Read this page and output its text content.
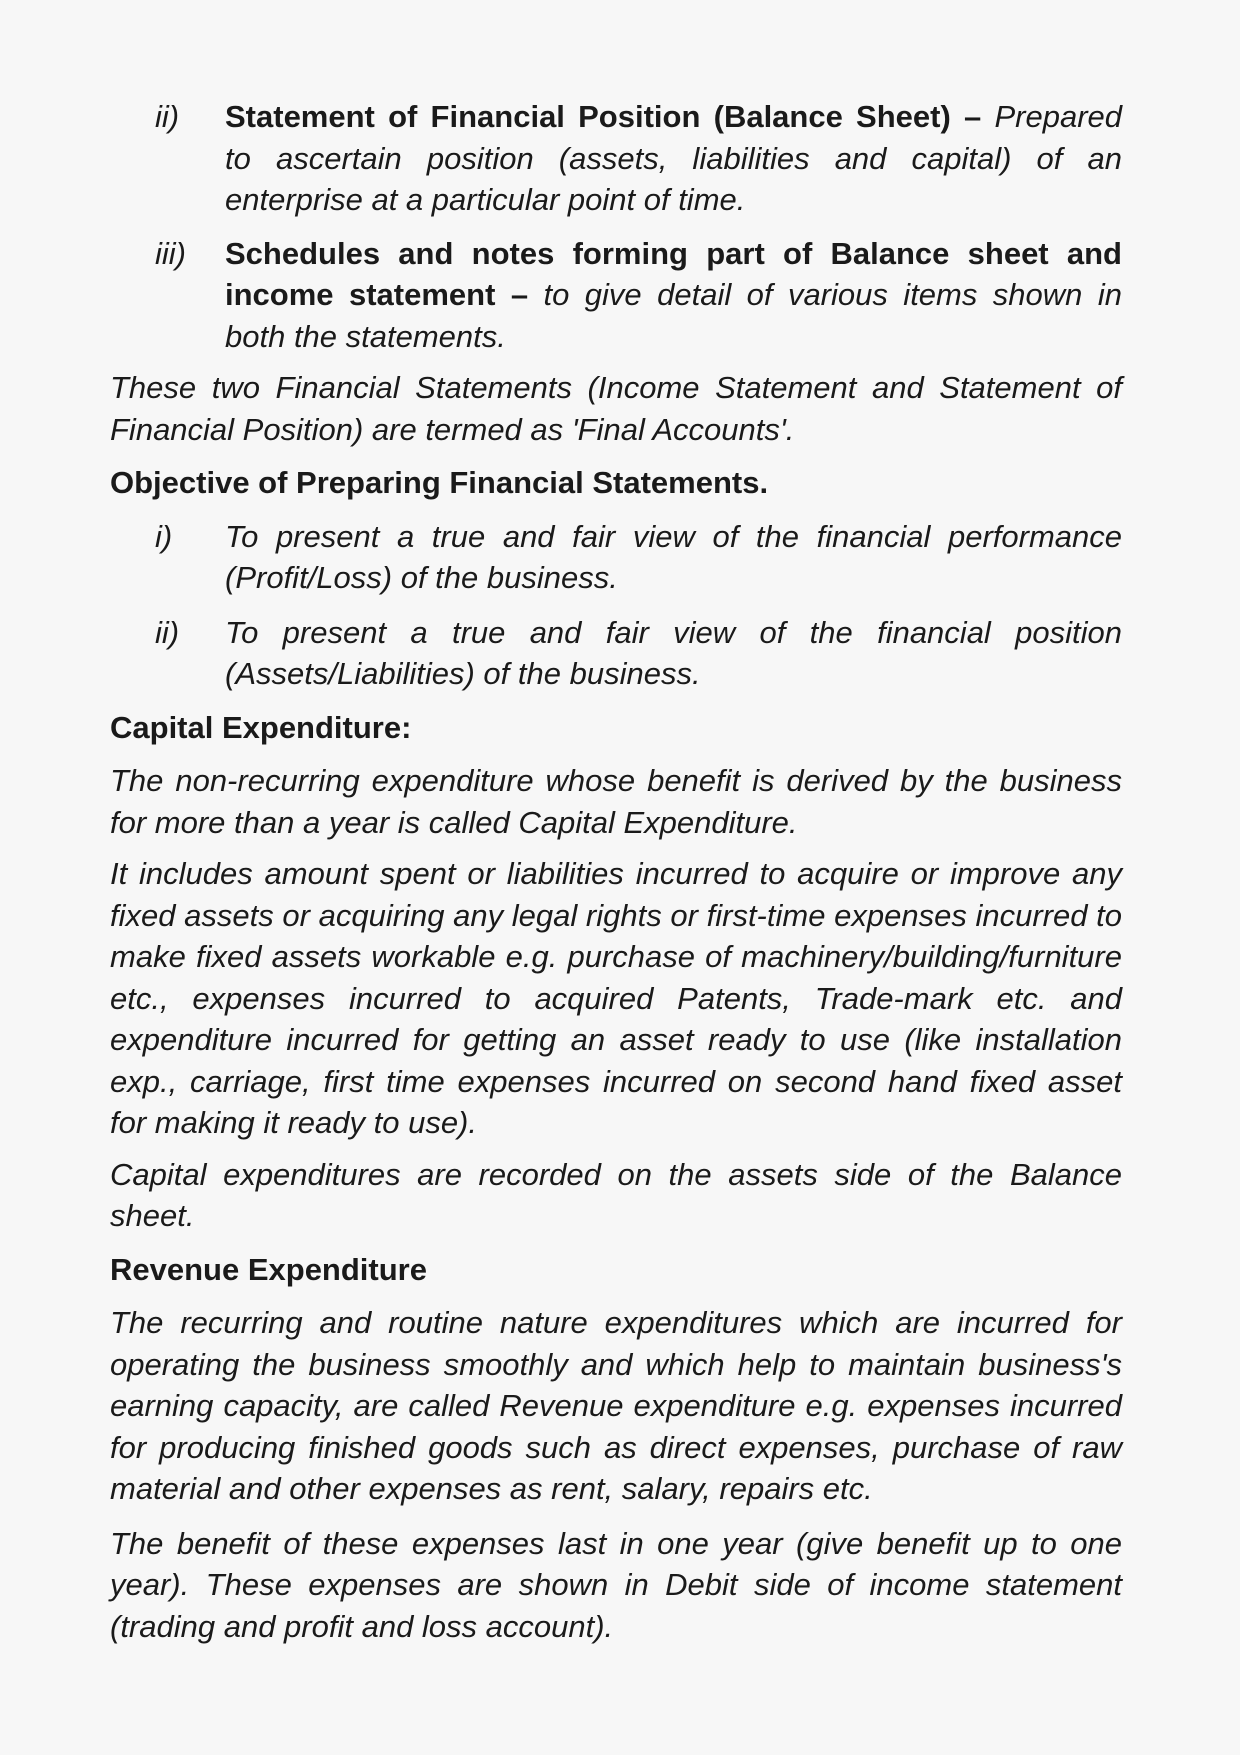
ii) Statement of Financial Position (Balance Sheet) – Prepared to ascertain position (assets, liabilities and capital) of an enterprise at a particular point of time.
iii) Schedules and notes forming part of Balance sheet and income statement – to give detail of various items shown in both the statements.
These two Financial Statements (Income Statement and Statement of Financial Position) are termed as 'Final Accounts'.
Objective of Preparing Financial Statements.
i) To present a true and fair view of the financial performance (Profit/Loss) of the business.
ii) To present a true and fair view of the financial position (Assets/Liabilities) of the business.
Capital Expenditure:
The non-recurring expenditure whose benefit is derived by the business for more than a year is called Capital Expenditure.
It includes amount spent or liabilities incurred to acquire or improve any fixed assets or acquiring any legal rights or first-time expenses incurred to make fixed assets workable e.g. purchase of machinery/building/furniture etc., expenses incurred to acquired Patents, Trade-mark etc. and expenditure incurred for getting an asset ready to use (like installation exp., carriage, first time expenses incurred on second hand fixed asset for making it ready to use).
Capital expenditures are recorded on the assets side of the Balance sheet.
Revenue Expenditure
The recurring and routine nature expenditures which are incurred for operating the business smoothly and which help to maintain business's earning capacity, are called Revenue expenditure e.g. expenses incurred for producing finished goods such as direct expenses, purchase of raw material and other expenses as rent, salary, repairs etc.
The benefit of these expenses last in one year (give benefit up to one year). These expenses are shown in Debit side of income statement (trading and profit and loss account).
